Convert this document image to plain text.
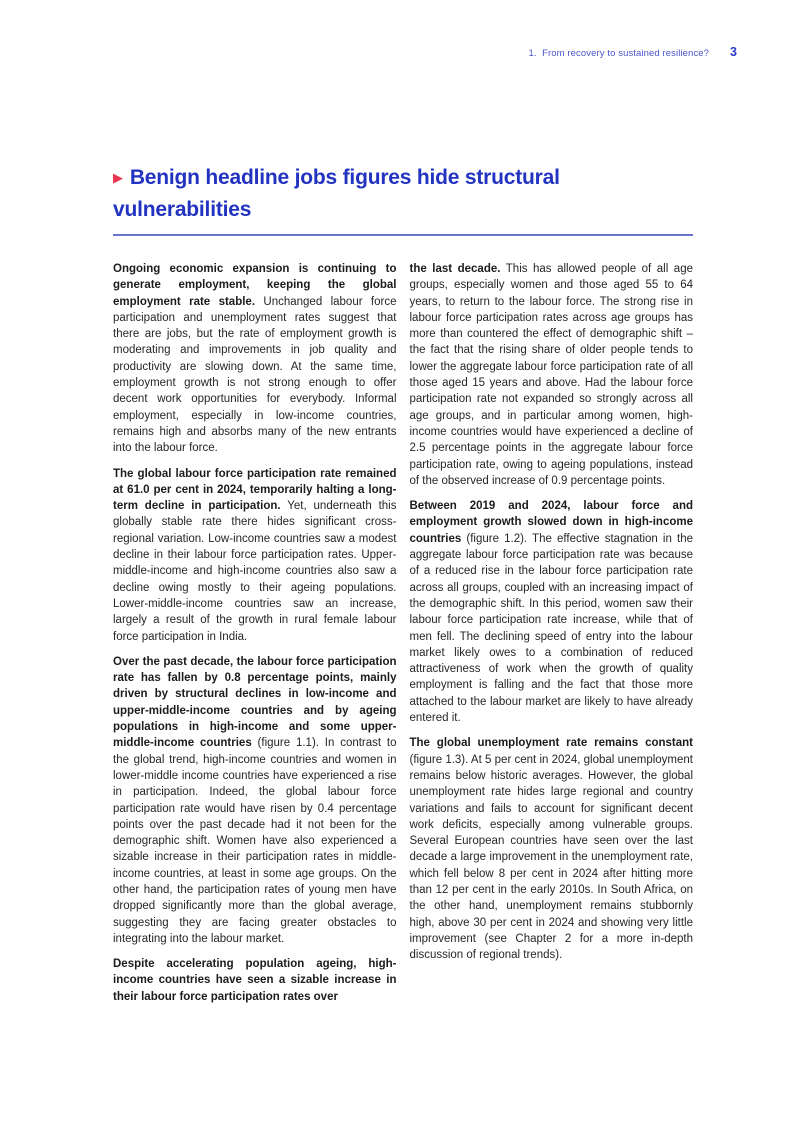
1.  From recovery to sustained resilience? 3
▶ Benign headline jobs figures hide structural vulnerabilities

Ongoing economic expansion is continuing to generate employment, keeping the global employment rate stable. Unchanged labour force participation and unemployment rates suggest that there are jobs, but the rate of employment growth is moderating and improvements in job quality and productivity are slowing down. At the same time, employment growth is not strong enough to offer decent work opportunities for everybody. Informal employment, especially in low-income countries, remains high and absorbs many of the new entrants into the labour force.

The global labour force participation rate remained at 61.0 per cent in 2024, temporarily halting a long-term decline in participation. Yet, underneath this globally stable rate there hides significant cross-regional variation. Low-income countries saw a modest decline in their labour force participation rates. Upper-middle-income and high-income countries also saw a decline owing mostly to their ageing populations. Lower-middle-income countries saw an increase, largely a result of the growth in rural female labour force participation in India.

Over the past decade, the labour force participation rate has fallen by 0.8 percentage points, mainly driven by structural declines in low-income and upper-middle-income countries and by ageing populations in high-income and some upper-middle-income countries (figure 1.1). In contrast to the global trend, high-income countries and women in lower-middle income countries have experienced a rise in participation. Indeed, the global labour force participation rate would have risen by 0.4 percentage points over the past decade had it not been for the demographic shift. Women have also experienced a sizable increase in their participation rates in middle-income countries, at least in some age groups. On the other hand, the participation rates of young men have dropped significantly more than the global average, suggesting they are facing greater obstacles to integrating into the labour market.

Despite accelerating population ageing, high-income countries have seen a sizable increase in their labour force participation rates over

the last decade. This has allowed people of all age groups, especially women and those aged 55 to 64 years, to return to the labour force. The strong rise in labour force participation rates across age groups has more than countered the effect of demographic shift – the fact that the rising share of older people tends to lower the aggregate labour force participation rate of all those aged 15 years and above. Had the labour force participation rate not expanded so strongly across all age groups, and in particular among women, high-income countries would have experienced a decline of 2.5 percentage points in the aggregate labour force participation rate, owing to ageing populations, instead of the observed increase of 0.9 percentage points.

Between 2019 and 2024, labour force and employment growth slowed down in high-income countries (figure 1.2). The effective stagnation in the aggregate labour force participation rate was because of a reduced rise in the labour force participation rate across all groups, coupled with an increasing impact of the demographic shift. In this period, women saw their labour force participation rate increase, while that of men fell. The declining speed of entry into the labour market likely owes to a combination of reduced attractiveness of work when the growth of quality employment is falling and the fact that those more attached to the labour market are likely to have already entered it.

The global unemployment rate remains constant (figure 1.3). At 5 per cent in 2024, global unemployment remains below historic averages. However, the global unemployment rate hides large regional and country variations and fails to account for significant decent work deficits, especially among vulnerable groups. Several European countries have seen over the last decade a large improvement in the unemployment rate, which fell below 8 per cent in 2024 after hitting more than 12 per cent in the early 2010s. In South Africa, on the other hand, unemployment remains stubbornly high, above 30 per cent in 2024 and showing very little improvement (see Chapter 2 for a more in-depth discussion of regional trends).
